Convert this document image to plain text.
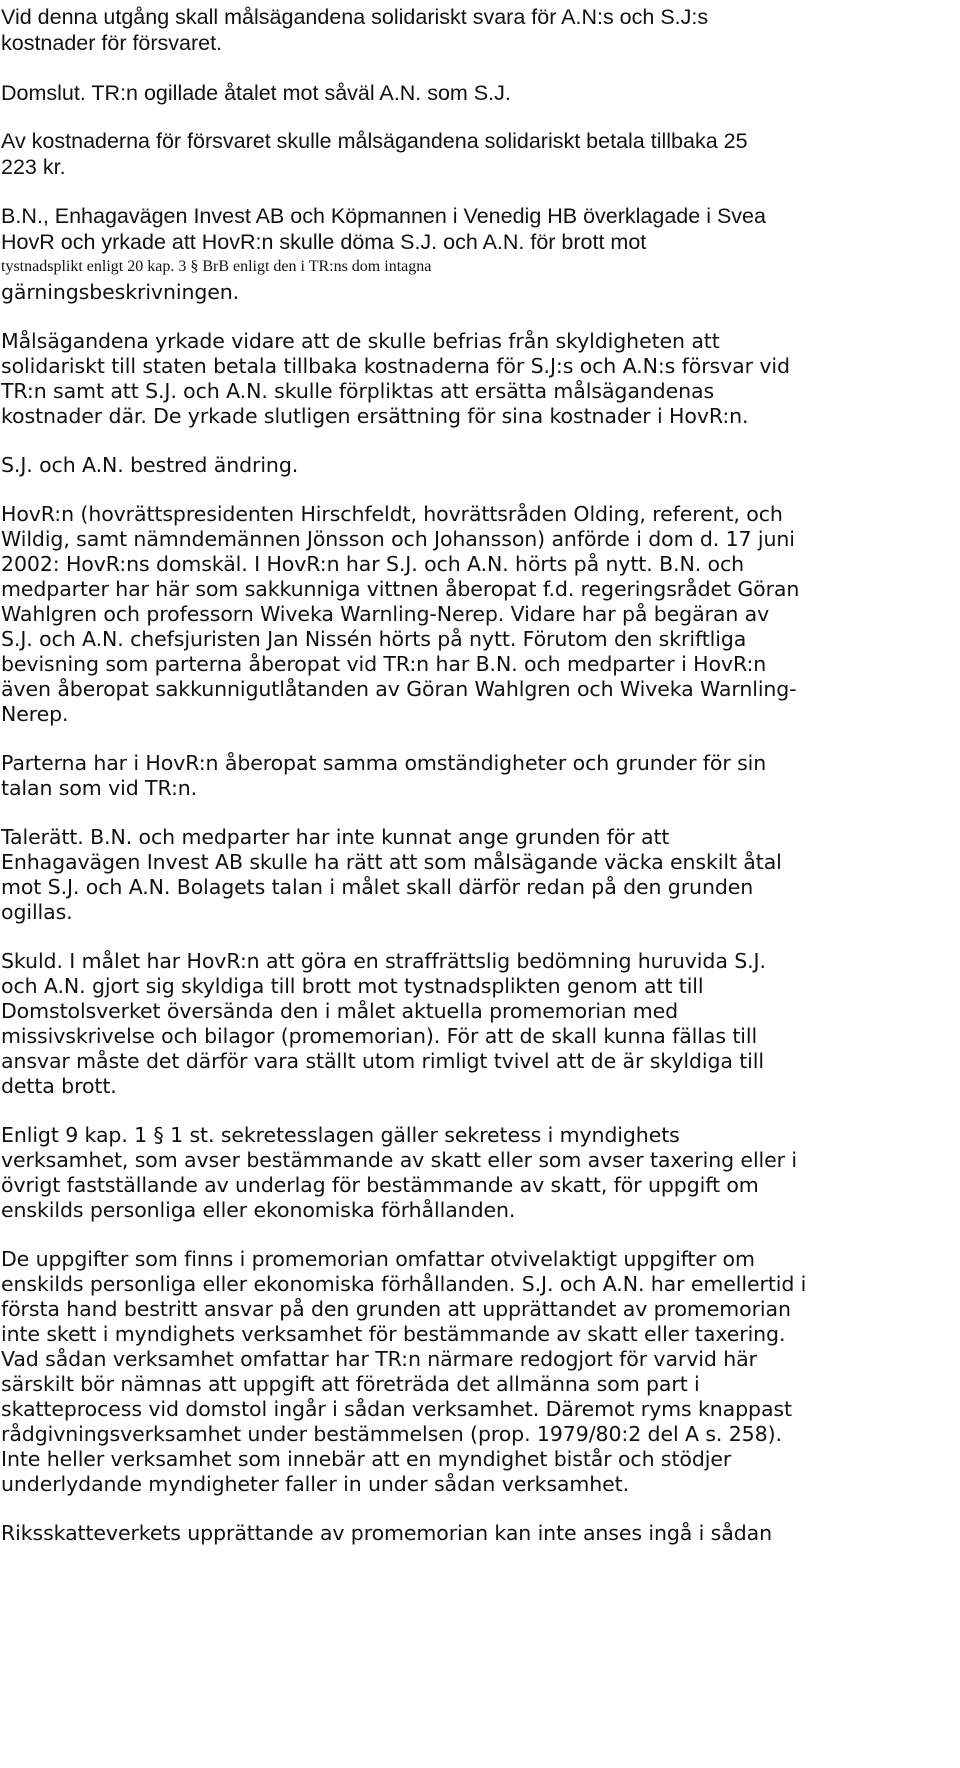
Vid denna utgång skall målsägandena solidariskt svara för A.N:s och S.J:s
kostnader för försvaret.
Domslut. TR:n ogillade åtalet mot såväl A.N. som S.J.
Av kostnaderna för försvaret skulle målsägandena solidariskt betala tillbaka 25
223 kr.
B.N., Enhagavägen Invest AB och Köpmannen i Venedig HB överklagade i Svea
HovR och yrkade att HovR:n skulle döma S.J. och A.N. för brott mot
tystnadsplikt enligt 20 kap. 3 § BrB enligt den i TR:ns dom intagna
gärningsbeskrivningen.
Målsägandena yrkade vidare att de skulle befrias från skyldigheten att
solidariskt till staten betala tillbaka kostnaderna för S.J:s och A.N:s försvar vid
TR:n samt att S.J. och A.N. skulle förpliktas att ersätta målsägandenas
kostnader där. De yrkade slutligen ersättning för sina kostnader i HovR:n.
S.J. och A.N. bestred ändring.
HovR:n (hovrättspresidenten Hirschfeldt, hovrättsråden Olding, referent, och
Wildig, samt nämndemännen Jönsson och Johansson) anförde i dom d. 17 juni
2002: HovR:ns domskäl. I HovR:n har S.J. och A.N. hörts på nytt. B.N. och
medparter har här som sakkunniga vittnen åberopat f.d. regeringsrådet Göran
Wahlgren och professorn Wiveka Warnling-Nerep. Vidare har på begäran av
S.J. och A.N. chefsjuristen Jan Nissén hörts på nytt. Förutom den skriftliga
bevisning som parterna åberopat vid TR:n har B.N. och medparter i HovR:n
även åberopat sakkunnigutlåtanden av Göran Wahlgren och Wiveka Warnling-
Nerep.
Parterna har i HovR:n åberopat samma omständigheter och grunder för sin
talan som vid TR:n.
Talerätt. B.N. och medparter har inte kunnat ange grunden för att
Enhagavägen Invest AB skulle ha rätt att som målsägande väcka enskilt åtal
mot S.J. och A.N. Bolagets talan i målet skall därför redan på den grunden
ogillas.
Skuld. I målet har HovR:n att göra en straffrättslig bedömning huruvida S.J.
och A.N. gjort sig skyldiga till brott mot tystnadsplikten genom att till
Domstolsverket översända den i målet aktuella promemorian med
missivskrivelse och bilagor (promemorian). För att de skall kunna fällas till
ansvar måste det därför vara ställt utom rimligt tvivel att de är skyldiga till
detta brott.
Enligt 9 kap. 1 § 1 st. sekretesslagen gäller sekretess i myndighets
verksamhet, som avser bestämmande av skatt eller som avser taxering eller i
övrigt fastställande av underlag för bestämmande av skatt, för uppgift om
enskilds personliga eller ekonomiska förhållanden.
De uppgifter som finns i promemorian omfattar otvivelaktigt uppgifter om
enskilds personliga eller ekonomiska förhållanden. S.J. och A.N. har emellertid i
första hand bestritt ansvar på den grunden att upprättandet av promemorian
inte skett i myndighets verksamhet för bestämmande av skatt eller taxering.
Vad sådan verksamhet omfattar har TR:n närmare redogjort för varvid här
särskilt bör nämnas att uppgift att företräda det allmänna som part i
skatteprocess vid domstol ingår i sådan verksamhet. Däremot ryms knappast
rådgivningsverksamhet under bestämmelsen (prop. 1979/80:2 del A s. 258).
Inte heller verksamhet som innebär att en myndighet bistår och stödjer
underlydande myndigheter faller in under sådan verksamhet.
Riksskatteverkets upprättande av promemorian kan inte anses ingå i sådan
